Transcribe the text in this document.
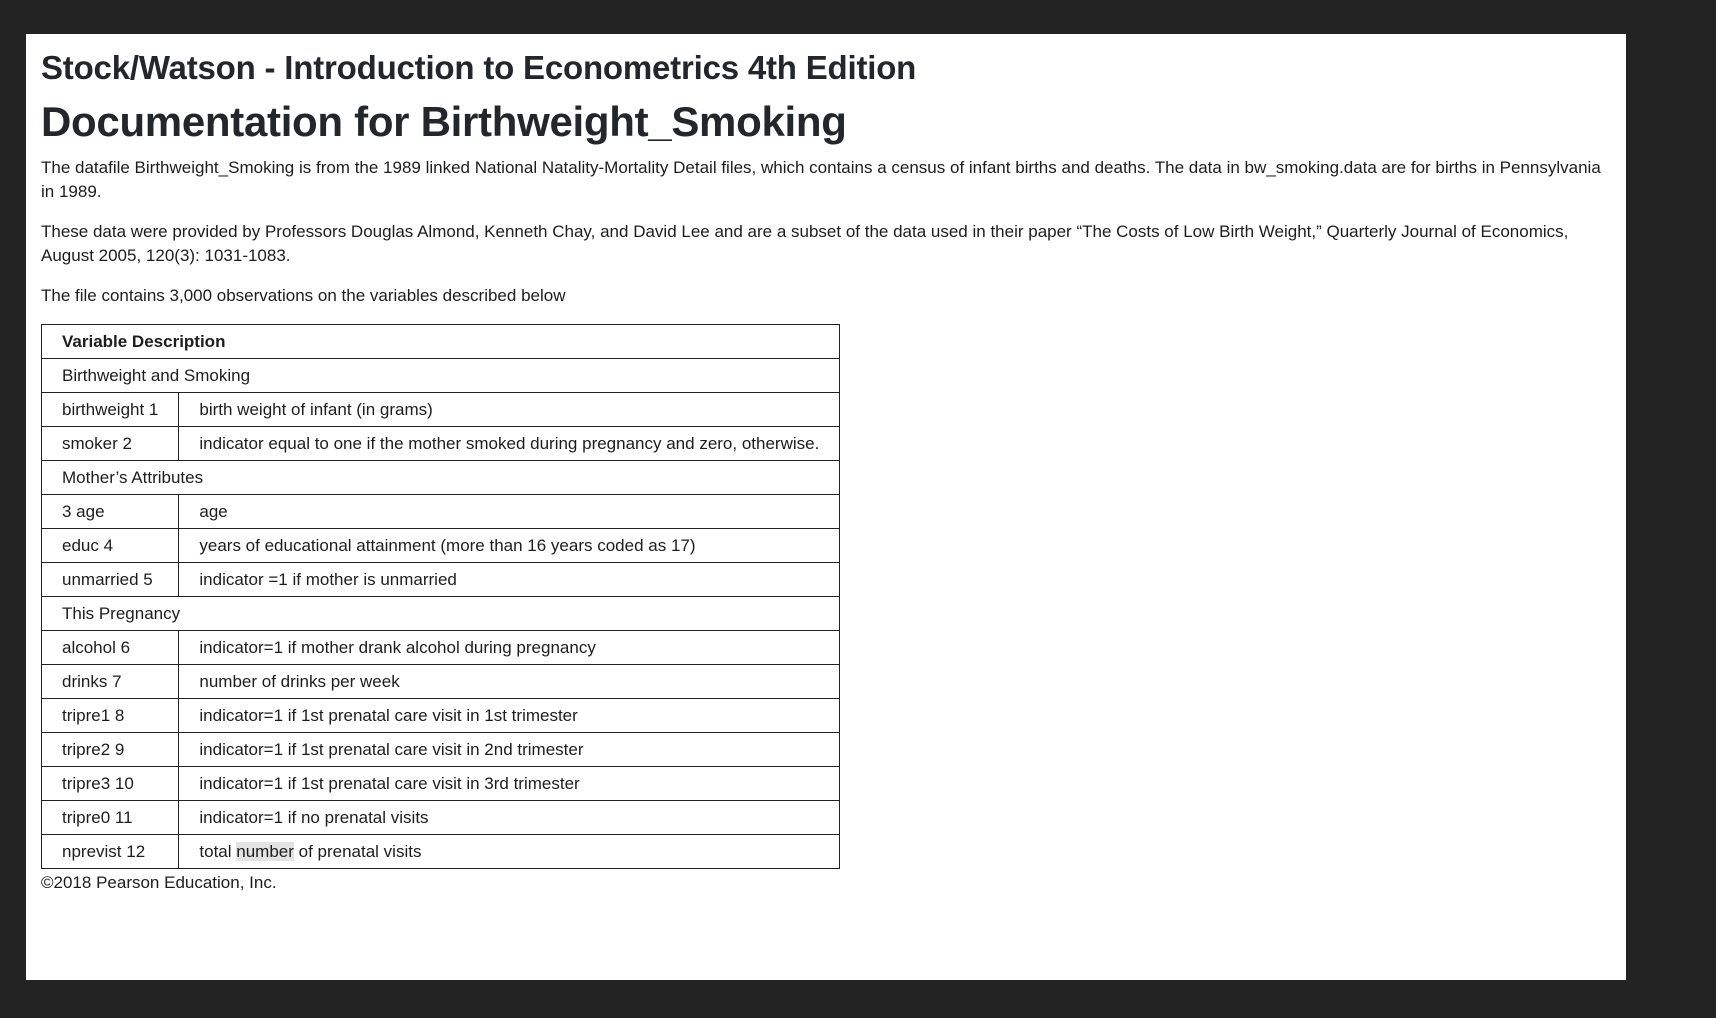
Stock/Watson - Introduction to Econometrics 4th Edition
Documentation for Birthweight_Smoking

The datafile Birthweight_Smoking is from the 1989 linked National Natality-Mortality Detail files, which contains a census of infant births and deaths. The data in bw_smoking.data are for births in Pennsylvania in 1989.

These data were provided by Professors Douglas Almond, Kenneth Chay, and David Lee and are a subset of the data used in their paper “The Costs of Low Birth Weight,” Quarterly Journal of Economics, August 2005, 120(3): 1031-1083.

The file contains 3,000 observations on the variables described below

Variable Description	
Birthweight and Smoking	
birthweight 1	birth weight of infant (in grams)
smoker 2	indicator equal to one if the mother smoked during pregnancy and zero, otherwise.
Mother’s Attributes	
3 age	age
educ 4	years of educational attainment (more than 16 years coded as 17)
unmarried 5	indicator =1 if mother is unmarried
This Pregnancy	
alcohol 6	indicator=1 if mother drank alcohol during pregnancy
drinks 7	number of drinks per week
tripre1 8	indicator=1 if 1st prenatal care visit in 1st trimester
tripre2 9	indicator=1 if 1st prenatal care visit in 2nd trimester
tripre3 10	indicator=1 if 1st prenatal care visit in 3rd trimester
tripre0 11	indicator=1 if no prenatal visits
nprevist 12	total number of prenatal visits

©2018 Pearson Education, Inc.
